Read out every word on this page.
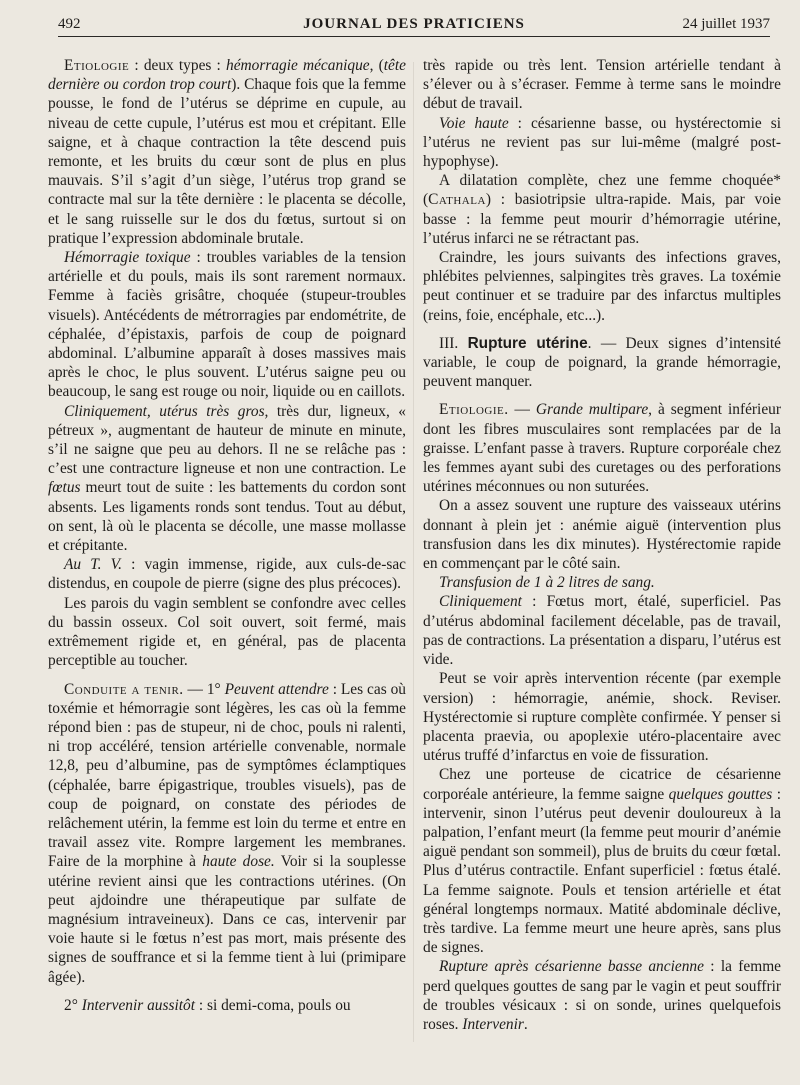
492	JOURNAL DES PRATICIENS	24 juillet 1937

Etiologie : deux types : hémorragie mécanique, (tête dernière ou cordon trop court). Chaque fois que la femme pousse, le fond de l’utérus se déprime en cupule, au niveau de cette cupule, l’utérus est mou et crépitant. Elle saigne, et à chaque contraction la tête descend puis remonte, et les bruits du cœur sont de plus en plus mauvais. S’il s’agit d’un siège, l’utérus trop grand se contracte mal sur la tête dernière : le placenta se décolle, et le sang ruisselle sur le dos du fœtus, surtout si on pratique l’expression abdominale brutale.

Hémorragie toxique : troubles variables de la tension artérielle et du pouls, mais ils sont rarement normaux. Femme à faciès grisâtre, choquée (stupeur-troubles visuels). Antécédents de métrorragies par endométrite, de céphalée, d’épistaxis, parfois de coup de poignard abdominal. L’albumine apparaît à doses massives mais après le choc, le plus souvent. L’utérus saigne peu ou beaucoup, le sang est rouge ou noir, liquide ou en caillots.

Cliniquement, utérus très gros, très dur, ligneux, « pétreux », augmentant de hauteur de minute en minute, s’il ne saigne que peu au dehors. Il ne se relâche pas : c’est une contracture ligneuse et non une contraction. Le fœtus meurt tout de suite : les battements du cordon sont absents. Les ligaments ronds sont tendus. Tout au début, on sent, là où le placenta se décolle, une masse mollasse et crépitante.

Au T. V. : vagin immense, rigide, aux culs-de-sac distendus, en coupole de pierre (signe des plus précoces).

Les parois du vagin semblent se confondre avec celles du bassin osseux. Col soit ouvert, soit fermé, mais extrêmement rigide et, en général, pas de placenta perceptible au toucher.

Conduite a tenir. — 1° Peuvent attendre : Les cas où toxémie et hémorragie sont légères, les cas où la femme répond bien : pas de stupeur, ni de choc, pouls ni ralenti, ni trop accéléré, tension artérielle convenable, normale 12,8, peu d’albumine, pas de symptômes éclamptiques (céphalée, barre épigastrique, troubles visuels), pas de coup de poignard, on constate des périodes de relâchement utérin, la femme est loin du terme et entre en travail assez vite. Rompre largement les membranes. Faire de la morphine à haute dose. Voir si la souplesse utérine revient ainsi que les contractions utérines. (On peut ajdoindre une thérapeutique par sulfate de magnésium intraveineux). Dans ce cas, intervenir par voie haute si le fœtus n’est pas mort, mais présente des signes de souffrance et si la femme tient à lui (primipare âgée).

2° Intervenir aussitôt : si demi-coma, pouls ou

très rapide ou très lent. Tension artérielle tendant à s’élever ou à s’écraser. Femme à terme sans le moindre début de travail.

Voie haute : césarienne basse, ou hystérectomie si l’utérus ne revient pas sur lui-même (malgré post-hypophyse).

A dilatation complète, chez une femme choquée* (Cathala) : basiotripsie ultra-rapide. Mais, par voie basse : la femme peut mourir d’hémorragie utérine, l’utérus infarci ne se rétractant pas.

Craindre, les jours suivants des infections graves, phlébites pelviennes, salpingites très graves. La toxémie peut continuer et se traduire par des infarctus multiples (reins, foie, encéphale, etc...).

III. Rupture utérine. — Deux signes d’intensité variable, le coup de poignard, la grande hémorragie, peuvent manquer.

Etiologie. — Grande multipare, à segment inférieur dont les fibres musculaires sont remplacées par de la graisse. L’enfant passe à travers. Rupture corporéale chez les femmes ayant subi des curetages ou des perforations utérines méconnues ou non suturées.

On a assez souvent une rupture des vaisseaux utérins donnant à plein jet : anémie aiguë (intervention plus transfusion dans les dix minutes). Hystérectomie rapide en commençant par le côté sain.

Transfusion de 1 à 2 litres de sang.

Cliniquement : Fœtus mort, étalé, superficiel. Pas d’utérus abdominal facilement décelable, pas de travail, pas de contractions. La présentation a disparu, l’utérus est vide.

Peut se voir après intervention récente (par exemple version) : hémorragie, anémie, shock. Reviser. Hystérectomie si rupture complète confirmée. Y penser si placenta praevia, ou apoplexie utéro-placentaire avec utérus truffé d’infarctus en voie de fissuration.

Chez une porteuse de cicatrice de césarienne corporéale antérieure, la femme saigne quelques gouttes : intervenir, sinon l’utérus peut devenir douloureux à la palpation, l’enfant meurt (la femme peut mourir d’anémie aiguë pendant son sommeil), plus de bruits du cœur fœtal. Plus d’utérus contractile. Enfant superficiel : fœtus étalé. La femme saignote. Pouls et tension artérielle et état général longtemps normaux. Matité abdominale déclive, très tardive. La femme meurt une heure après, sans plus de signes.

Rupture après césarienne basse ancienne : la femme perd quelques gouttes de sang par le vagin et peut souffrir de troubles vésicaux : si on sonde, urines quelquefois roses. Intervenir.
